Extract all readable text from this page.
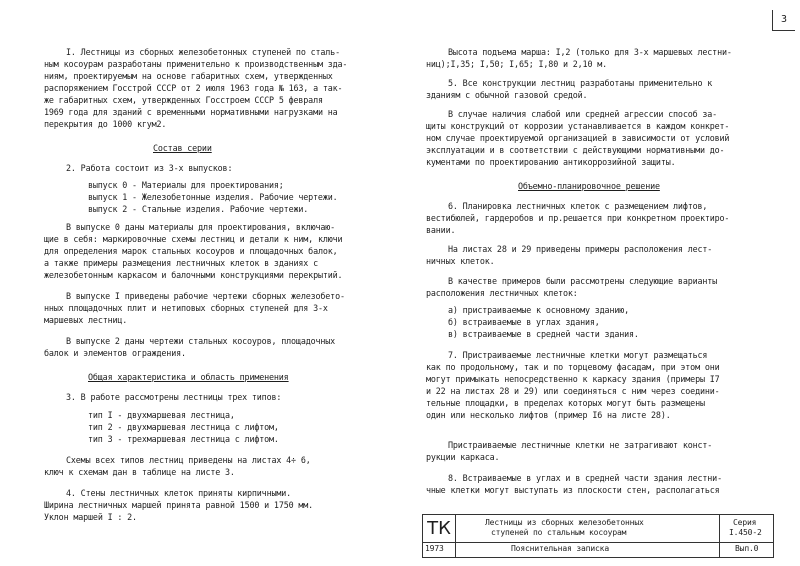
3
I. Лестницы из сборных железобетонных ступеней по сталь-
ным косоурам разработаны применительно к производственным зда-
ниям, проектируемым на основе габаритных схем, утвержденных
распоряжением Госстрой СССР от 2 июля 1963 года № 163, а так-
же габаритных схем, утвержденных Госстроем СССР 5 февраля
1969 года для зданий с временными нормативными нагрузками на
перекрытия до 1000 кгум2.
Состав серии
2. Работа состоит из 3-х выпусков:
выпуск 0 - Материалы для проектирования;
выпуск 1 - Железобетонные изделия. Рабочие чертежи.
выпуск 2 - Стальные изделия. Рабочие чертежи.
В выпуске 0 даны материалы для проектирования, включаю-
щие в себя: маркировочные схемы лестниц и детали к ним, ключи
для определения марок стальных косоуров и площадочных балок,
а также примеры размещения лестничных клеток в зданиях с
железобетонным каркасом и балочными конструкциями перекрытий.
В выпуске I приведены рабочие чертежи сборных железобето-
нных площадочных плит и нетиповых сборных ступеней для 3-х
маршевых лестниц.
В выпуске 2 даны чертежи стальных косоуров, площадочных
балок и элементов ограждения.
Общая характеристика и область применения
3. В работе рассмотрены лестницы трех типов:
тип I - двухмаршевая лестница,
тип 2 - двухмаршевая лестница с лифтом,
тип 3 - трехмаршевая лестница с лифтом.
Схемы всех типов лестниц приведены на листах 4÷ 6,
ключ к схемам дан в таблице на листе 3.
4. Стены лестничных клеток приняты кирпичными.
Ширина лестничных маршей принята равной 1500 и 1750 мм.
Уклон маршей I : 2.
Высота подъема марша: I,2 (только для 3-х маршевых лестни-
ниц);I,35; I,50; I,65; I,80 и 2,10 м.
5. Все конструкции лестниц разработаны применительно к
зданиям с обычной газовой средой.
В случае наличия слабой или средней агрессии способ за-
щиты конструкций от коррозии устанавливается в каждом конкрет-
ном случае проектируемой организацией в зависимости от условий
эксплуатации и в соответствии с действующими нормативными до-
кументами по проектированию антикоррозийной защиты.
Объемно-планировочное решение
6. Планировка лестничных клеток с размещением лифтов,
вестибюлей, гардеробов и пр.решается при конкретном проектиро-
вании.
На листах 28 и 29 приведены примеры расположения лест-
ничных клеток.
В качестве примеров были рассмотрены следующие варианты
расположения лестничных клеток:
а) пристраиваемые к основному зданию,
б) встраиваемые в углах здания,
в) встраиваемые в средней части здания.
7. Пристраиваемые лестничные клетки могут размещаться
как по продольному, так и по торцевому фасадам, при этом они
могут примыкать непосредственно к каркасу здания (примеры I7
и 22 на листах 28 и 29) или соединяться с ним через соедини-
тельные площадки, в пределах которых могут быть размещены
один или несколько лифтов (пример I6 на листе 28).
Пристраиваемые лестничные клетки не затрагивают конст-
рукции каркаса.
8. Встраиваемые в углах и в средней части здания лестни-
чные клетки могут выступать из плоскости стен, располагаться
ТК
1973
Лестницы из сборных железобетонных
ступеней по стальным косоурам
Пояснительная записка
Серия
I.450-2
Вып.0
